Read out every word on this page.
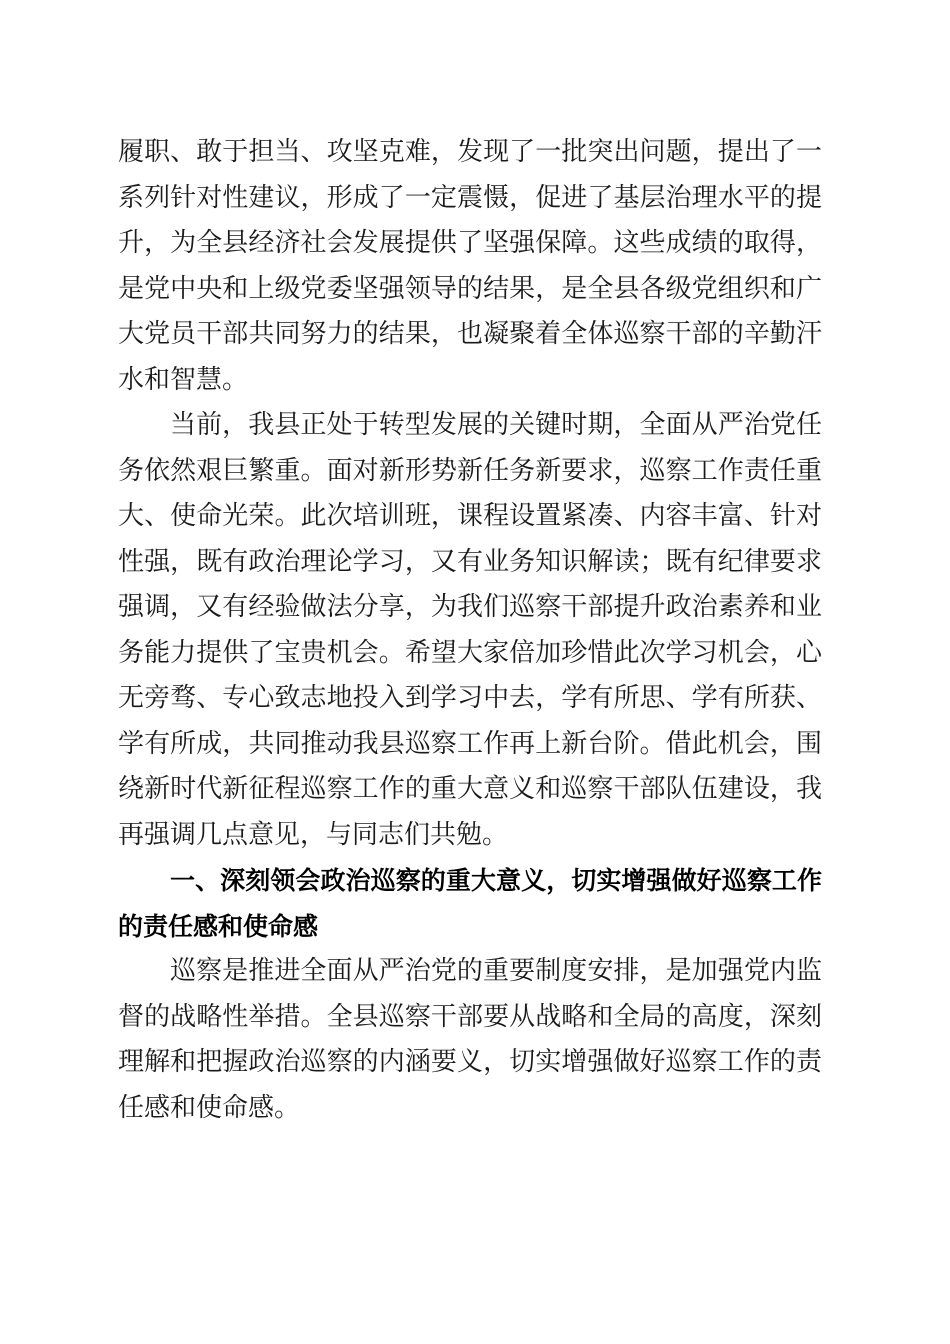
履职、敢于担当、攻坚克难，发现了一批突出问题，提出了一系列针对性建议，形成了一定震慑，促进了基层治理水平的提升，为全县经济社会发展提供了坚强保障。这些成绩的取得，是党中央和上级党委坚强领导的结果，是全县各级党组织和广大党员干部共同努力的结果，也凝聚着全体巡察干部的辛勤汗水和智慧。

当前，我县正处于转型发展的关键时期，全面从严治党任务依然艰巨繁重。面对新形势新任务新要求，巡察工作责任重大、使命光荣。此次培训班，课程设置紧凑、内容丰富、针对性强，既有政治理论学习，又有业务知识解读；既有纪律要求强调，又有经验做法分享，为我们巡察干部提升政治素养和业务能力提供了宝贵机会。希望大家倍加珍惜此次学习机会，心无旁骛、专心致志地投入到学习中去，学有所思、学有所获、学有所成，共同推动我县巡察工作再上新台阶。借此机会，围绕新时代新征程巡察工作的重大意义和巡察干部队伍建设，我再强调几点意见，与同志们共勉。

一、深刻领会政治巡察的重大意义，切实增强做好巡察工作的责任感和使命感

巡察是推进全面从严治党的重要制度安排，是加强党内监督的战略性举措。全县巡察干部要从战略和全局的高度，深刻理解和把握政治巡察的内涵要义，切实增强做好巡察工作的责任感和使命感。
